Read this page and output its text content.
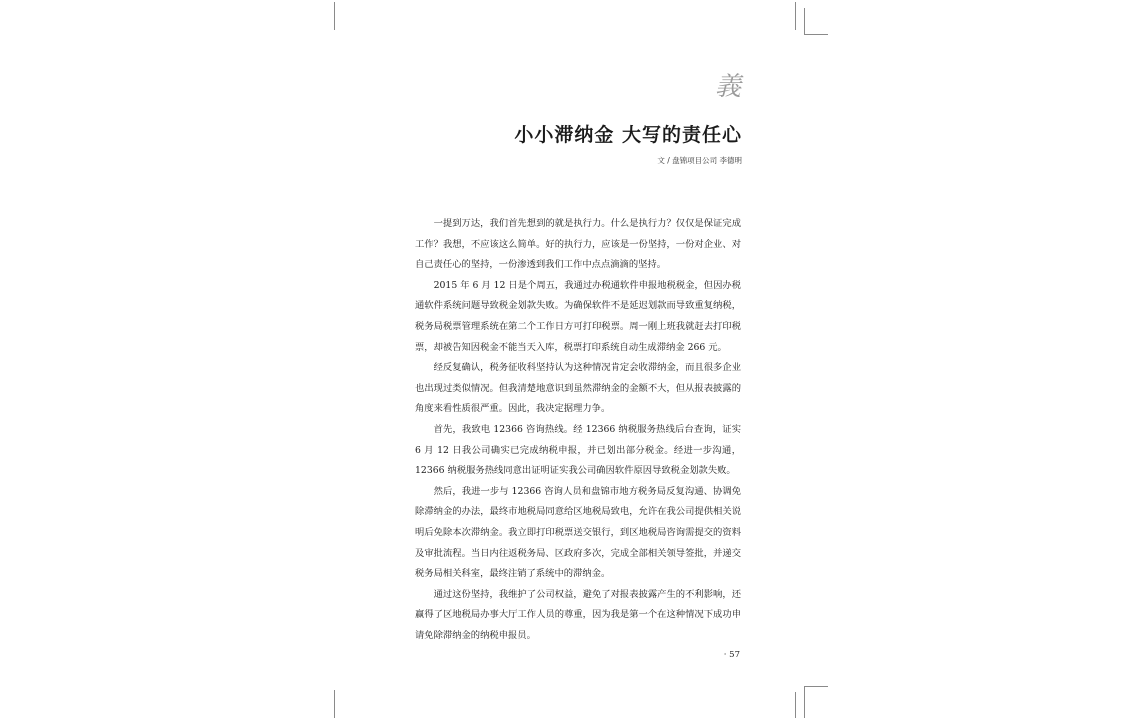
義
小小滞纳金 大写的责任心
文 / 盘锦项目公司 李德明

一提到万达，我们首先想到的就是执行力。什么是执行力？仅仅是保证完成工作？我想，不应该这么简单。好的执行力，应该是一份坚持，一份对企业、对自己责任心的坚持，一份渗透到我们工作中点点滴滴的坚持。

2015 年 6 月 12 日是个周五，我通过办税通软件申报地税税金，但因办税通软件系统问题导致税金划款失败。为确保软件不是延迟划款而导致重复纳税，税务局税票管理系统在第二个工作日方可打印税票。周一刚上班我就赶去打印税票，却被告知因税金不能当天入库，税票打印系统自动生成滞纳金 266 元。

经反复确认，税务征收科坚持认为这种情况肯定会收滞纳金，而且很多企业也出现过类似情况。但我清楚地意识到虽然滞纳金的金额不大，但从报表披露的角度来看性质很严重。因此，我决定据理力争。

首先，我致电 12366 咨询热线。经 12366 纳税服务热线后台查询，证实 6 月 12 日我公司确实已完成纳税申报，并已划出部分税金。经进一步沟通，12366 纳税服务热线同意出证明证实我公司确因软件原因导致税金划款失败。

然后，我进一步与 12366 咨询人员和盘锦市地方税务局反复沟通、协调免除滞纳金的办法，最终市地税局同意给区地税局致电，允许在我公司提供相关说明后免除本次滞纳金。我立即打印税票送交银行，到区地税局咨询需提交的资料及审批流程。当日内往返税务局、区政府多次，完成全部相关领导签批，并递交税务局相关科室，最终注销了系统中的滞纳金。

通过这份坚持，我维护了公司权益，避免了对报表披露产生的不利影响，还赢得了区地税局办事大厅工作人员的尊重，因为我是第一个在这种情况下成功申请免除滞纳金的纳税申报员。

· 57
